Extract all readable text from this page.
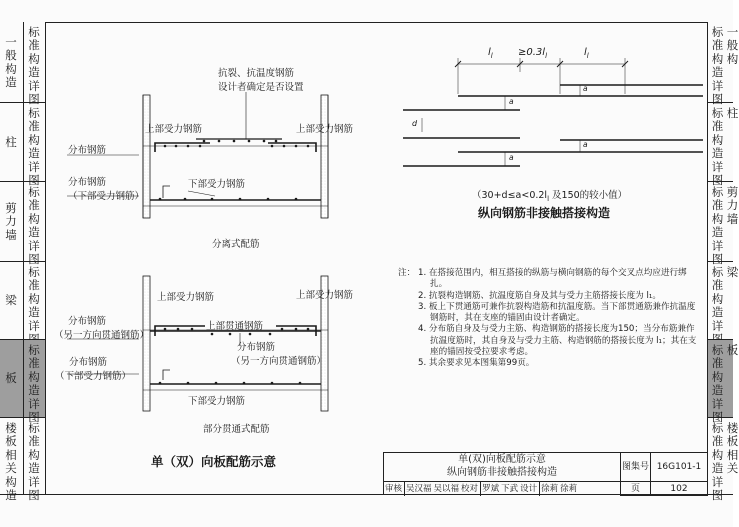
一般构造
标准构造详图
柱
标准构造详图
剪力墙
标准构造详图
梁
标准构造详
板
标准构造详图
楼板相关构造
标准构造详图
标准构造详图
一般构
标准构造详图
柱
标准构造详图
剪力墙
标准构造详
梁
标准构造详图
板
标准构造详图
楼板相关
抗裂、抗温度钢筋
设计者确定是否设置
上部受力钢筋	上部受力钢筋
分布钢筋
分布钢筋
（下部受力钢筋）
下部受力钢筋
分离式配筋
上部受力钢筋	上部受力钢筋
分布钢筋
（另一方向贯通钢筋）
上部贯通钢筋
分布钢筋
（另一方向贯通钢筋）
分布钢筋
（下部受力钢筋）
下部受力钢筋
部分贯通式配筋
单（双）向板配筋示意
$l_l$	$\ge 0.3l_l$	$l_l$
d
a
a
a
a
（$30+d\le a<0.2l_l$ 及150的较小值）
纵向钢筋非接触搭接构造
注： 1. 在搭接范围内，相互搭接的纵筋与横向钢筋的每个交叉点均应进行绑扎。
2. 抗裂构造钢筋、抗温度筋自身及其与受力主筋搭接长度为 l₁。
3. 板上下贯通筋可兼作抗裂构造筋和抗温度筋。当下部贯通筋兼作抗温度钢筋时，其在支座的锚固由设计者确定。
4. 分布筋自身及与受力主筋、构造钢筋的搭接长度为150；当分布筋兼作抗温度筋时，其自身及与受力主筋、构造钢筋的搭接长度为 l₁；其在支座的锚固按受拉要求考虑。
5. 其余要求见本图集第99页。
单(双)向板配筋示意
纵向钢筋非接触搭接构造	图集号 16G101-1
审核 吴汉福 吴以福 校对 罗斌 下武 设计 徐莉 徐莉	页	102
